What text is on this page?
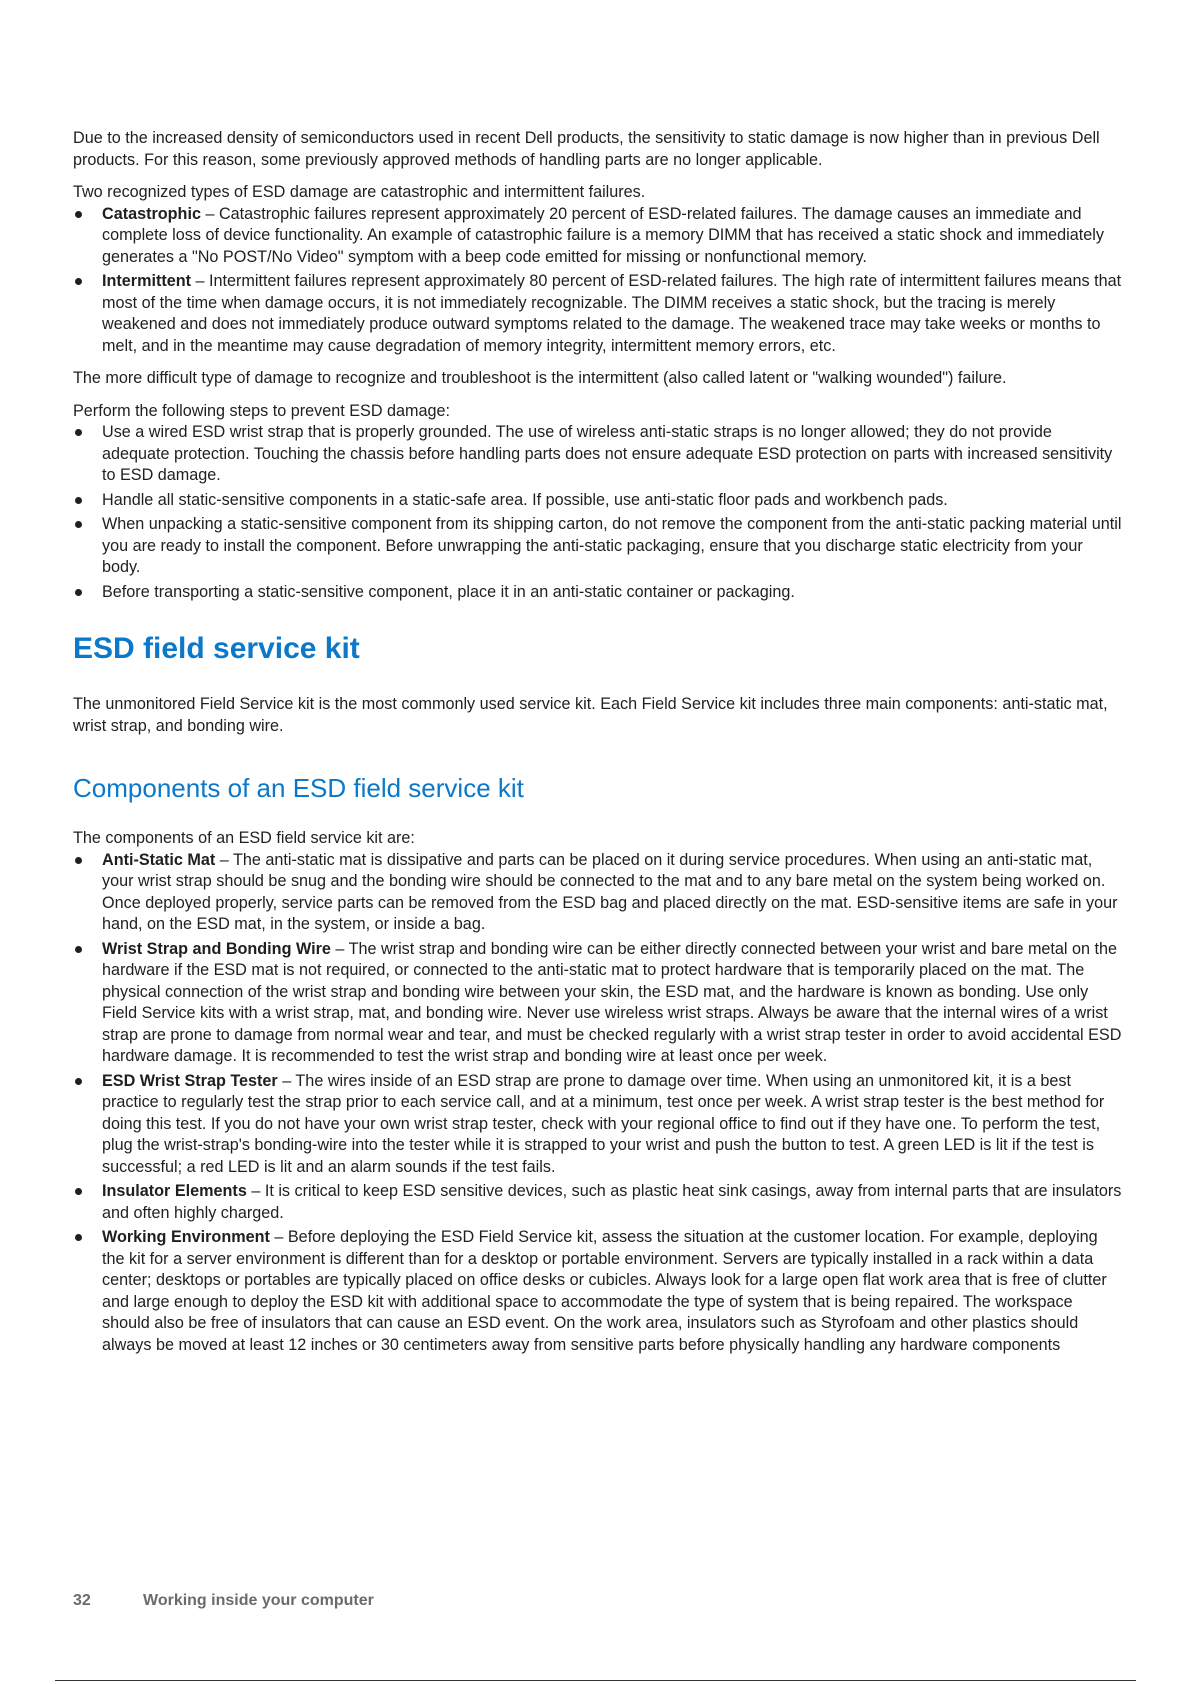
Due to the increased density of semiconductors used in recent Dell products, the sensitivity to static damage is now higher than in previous Dell products. For this reason, some previously approved methods of handling parts are no longer applicable.

Two recognized types of ESD damage are catastrophic and intermittent failures.

Catastrophic – Catastrophic failures represent approximately 20 percent of ESD-related failures. The damage causes an immediate and complete loss of device functionality. An example of catastrophic failure is a memory DIMM that has received a static shock and immediately generates a "No POST/No Video" symptom with a beep code emitted for missing or nonfunctional memory.
Intermittent – Intermittent failures represent approximately 80 percent of ESD-related failures. The high rate of intermittent failures means that most of the time when damage occurs, it is not immediately recognizable. The DIMM receives a static shock, but the tracing is merely weakened and does not immediately produce outward symptoms related to the damage. The weakened trace may take weeks or months to melt, and in the meantime may cause degradation of memory integrity, intermittent memory errors, etc.

The more difficult type of damage to recognize and troubleshoot is the intermittent (also called latent or "walking wounded") failure.

Perform the following steps to prevent ESD damage:

Use a wired ESD wrist strap that is properly grounded. The use of wireless anti-static straps is no longer allowed; they do not provide adequate protection. Touching the chassis before handling parts does not ensure adequate ESD protection on parts with increased sensitivity to ESD damage.
Handle all static-sensitive components in a static-safe area. If possible, use anti-static floor pads and workbench pads.
When unpacking a static-sensitive component from its shipping carton, do not remove the component from the anti-static packing material until you are ready to install the component. Before unwrapping the anti-static packaging, ensure that you discharge static electricity from your body.
Before transporting a static-sensitive component, place it in an anti-static container or packaging.
ESD field service kit

The unmonitored Field Service kit is the most commonly used service kit. Each Field Service kit includes three main components: anti-static mat, wrist strap, and bonding wire.

Components of an ESD field service kit

The components of an ESD field service kit are:

Anti-Static Mat – The anti-static mat is dissipative and parts can be placed on it during service procedures. When using an anti-static mat, your wrist strap should be snug and the bonding wire should be connected to the mat and to any bare metal on the system being worked on. Once deployed properly, service parts can be removed from the ESD bag and placed directly on the mat. ESD-sensitive items are safe in your hand, on the ESD mat, in the system, or inside a bag.
Wrist Strap and Bonding Wire – The wrist strap and bonding wire can be either directly connected between your wrist and bare metal on the hardware if the ESD mat is not required, or connected to the anti-static mat to protect hardware that is temporarily placed on the mat. The physical connection of the wrist strap and bonding wire between your skin, the ESD mat, and the hardware is known as bonding. Use only Field Service kits with a wrist strap, mat, and bonding wire. Never use wireless wrist straps. Always be aware that the internal wires of a wrist strap are prone to damage from normal wear and tear, and must be checked regularly with a wrist strap tester in order to avoid accidental ESD hardware damage. It is recommended to test the wrist strap and bonding wire at least once per week.
ESD Wrist Strap Tester – The wires inside of an ESD strap are prone to damage over time. When using an unmonitored kit, it is a best practice to regularly test the strap prior to each service call, and at a minimum, test once per week. A wrist strap tester is the best method for doing this test. If you do not have your own wrist strap tester, check with your regional office to find out if they have one. To perform the test, plug the wrist-strap's bonding-wire into the tester while it is strapped to your wrist and push the button to test. A green LED is lit if the test is successful; a red LED is lit and an alarm sounds if the test fails.
Insulator Elements – It is critical to keep ESD sensitive devices, such as plastic heat sink casings, away from internal parts that are insulators and often highly charged.
Working Environment – Before deploying the ESD Field Service kit, assess the situation at the customer location. For example, deploying the kit for a server environment is different than for a desktop or portable environment. Servers are typically installed in a rack within a data center; desktops or portables are typically placed on office desks or cubicles. Always look for a large open flat work area that is free of clutter and large enough to deploy the ESD kit with additional space to accommodate the type of system that is being repaired. The workspace should also be free of insulators that can cause an ESD event. On the work area, insulators such as Styrofoam and other plastics should always be moved at least 12 inches or 30 centimeters away from sensitive parts before physically handling any hardware components
32	Working inside your computer
